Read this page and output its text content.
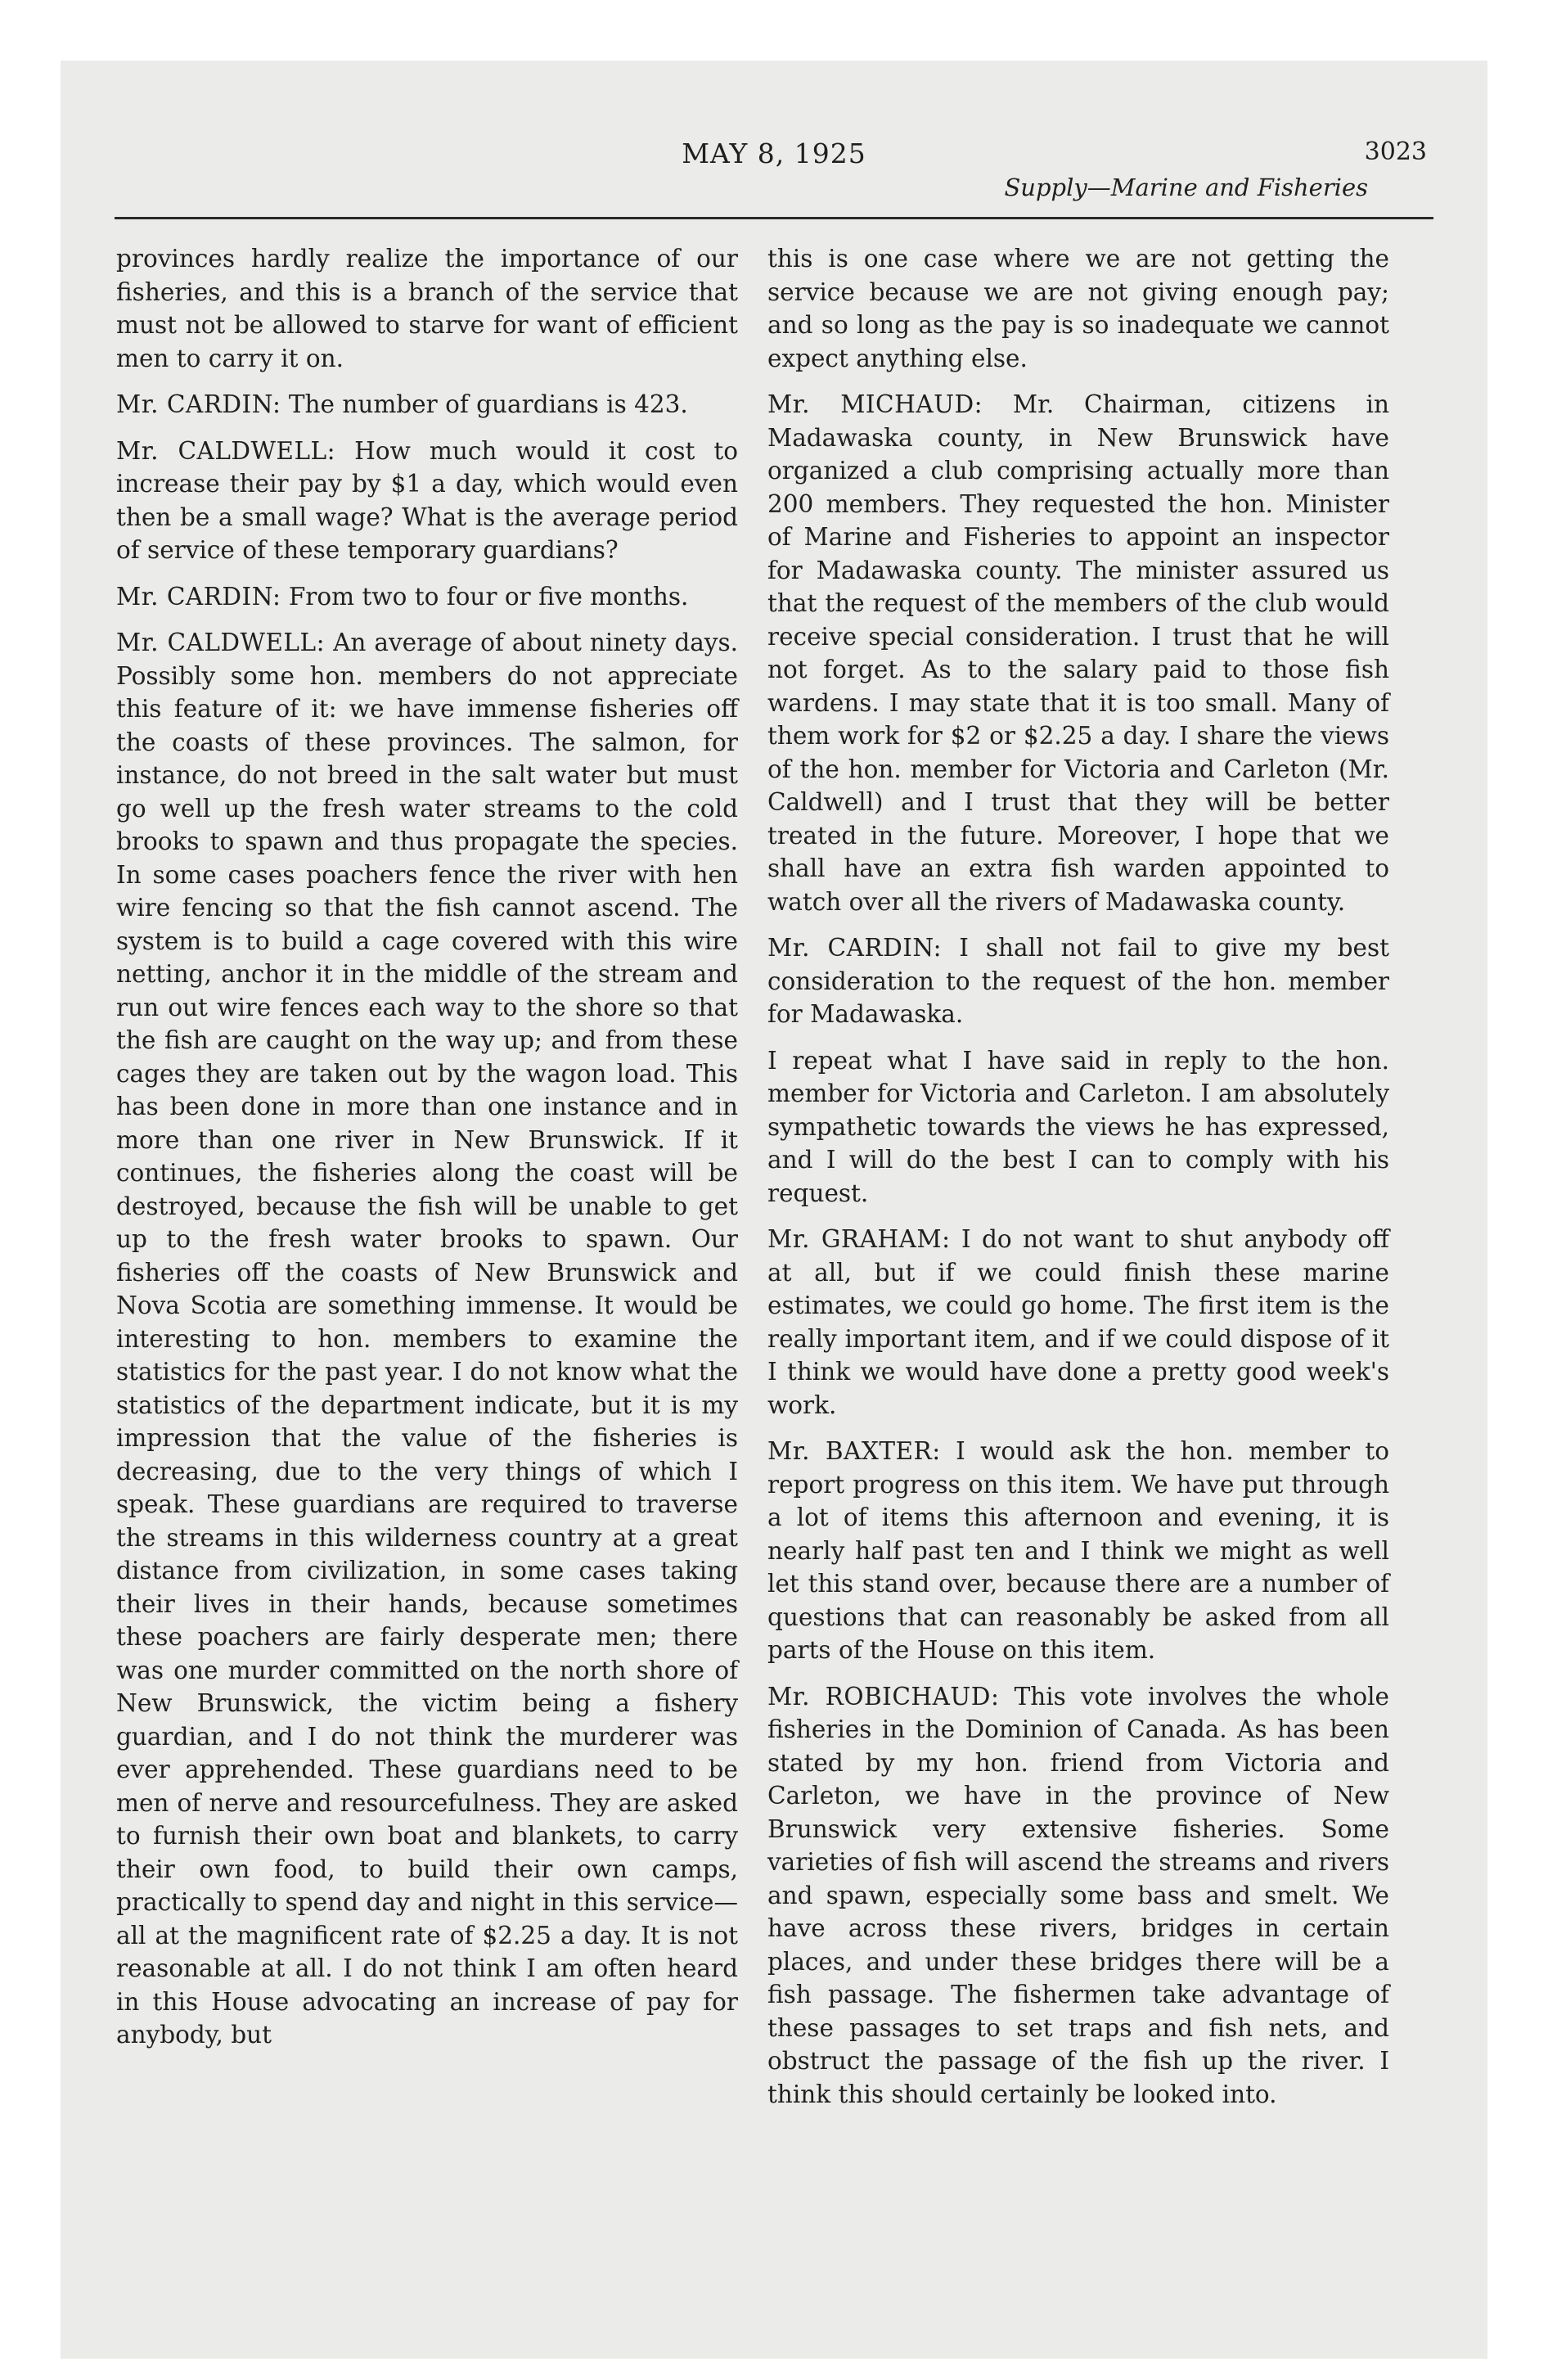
MAY 8, 1925	3023
Supply—Marine and Fisheries

provinces hardly realize the importance of our fisheries, and this is a branch of the service that must not be allowed to starve for want of efficient men to carry it on.

Mr. CARDIN: The number of guardians is 423.

Mr. CALDWELL: How much would it cost to increase their pay by $1 a day, which would even then be a small wage? What is the average period of service of these temporary guardians?

Mr. CARDIN: From two to four or five months.

Mr. CALDWELL: An average of about ninety days. Possibly some hon. members do not appreciate this feature of it: we have immense fisheries off the coasts of these provinces. The salmon, for instance, do not breed in the salt water but must go well up the fresh water streams to the cold brooks to spawn and thus propagate the species. In some cases poachers fence the river with hen wire fencing so that the fish cannot ascend. The system is to build a cage covered with this wire netting, anchor it in the middle of the stream and run out wire fences each way to the shore so that the fish are caught on the way up; and from these cages they are taken out by the wagon load. This has been done in more than one instance and in more than one river in New Brunswick. If it continues, the fisheries along the coast will be destroyed, because the fish will be unable to get up to the fresh water brooks to spawn. Our fisheries off the coasts of New Brunswick and Nova Scotia are something immense. It would be interesting to hon. members to examine the statistics for the past year. I do not know what the statistics of the department indicate, but it is my impression that the value of the fisheries is decreasing, due to the very things of which I speak. These guardians are required to traverse the streams in this wilderness country at a great distance from civilization, in some cases taking their lives in their hands, because sometimes these poachers are fairly desperate men; there was one murder committed on the north shore of New Brunswick, the victim being a fishery guardian, and I do not think the murderer was ever apprehended. These guardians need to be men of nerve and resourcefulness. They are asked to furnish their own boat and blankets, to carry their own food, to build their own camps, practically to spend day and night in this service—all at the magnificent rate of $2.25 a day. It is not reasonable at all. I do not think I am often heard in this House advocating an increase of pay for anybody, but

this is one case where we are not getting the service because we are not giving enough pay; and so long as the pay is so inadequate we cannot expect anything else.

Mr. MICHAUD: Mr. Chairman, citizens in Madawaska county, in New Brunswick have organized a club comprising actually more than 200 members. They requested the hon. Minister of Marine and Fisheries to appoint an inspector for Madawaska county. The minister assured us that the request of the members of the club would receive special consideration. I trust that he will not forget. As to the salary paid to those fish wardens. I may state that it is too small. Many of them work for $2 or $2.25 a day. I share the views of the hon. member for Victoria and Carleton (Mr. Caldwell) and I trust that they will be better treated in the future. Moreover, I hope that we shall have an extra fish warden appointed to watch over all the rivers of Madawaska county.

Mr. CARDIN: I shall not fail to give my best consideration to the request of the hon. member for Madawaska.

I repeat what I have said in reply to the hon. member for Victoria and Carleton. I am absolutely sympathetic towards the views he has expressed, and I will do the best I can to comply with his request.

Mr. GRAHAM: I do not want to shut anybody off at all, but if we could finish these marine estimates, we could go home. The first item is the really important item, and if we could dispose of it I think we would have done a pretty good week's work.

Mr. BAXTER: I would ask the hon. member to report progress on this item. We have put through a lot of items this afternoon and evening, it is nearly half past ten and I think we might as well let this stand over, because there are a number of questions that can reasonably be asked from all parts of the House on this item.

Mr. ROBICHAUD: This vote involves the whole fisheries in the Dominion of Canada. As has been stated by my hon. friend from Victoria and Carleton, we have in the province of New Brunswick very extensive fisheries. Some varieties of fish will ascend the streams and rivers and spawn, especially some bass and smelt. We have across these rivers, bridges in certain places, and under these bridges there will be a fish passage. The fishermen take advantage of these passages to set traps and fish nets, and obstruct the passage of the fish up the river. I think this should certainly be looked into.
